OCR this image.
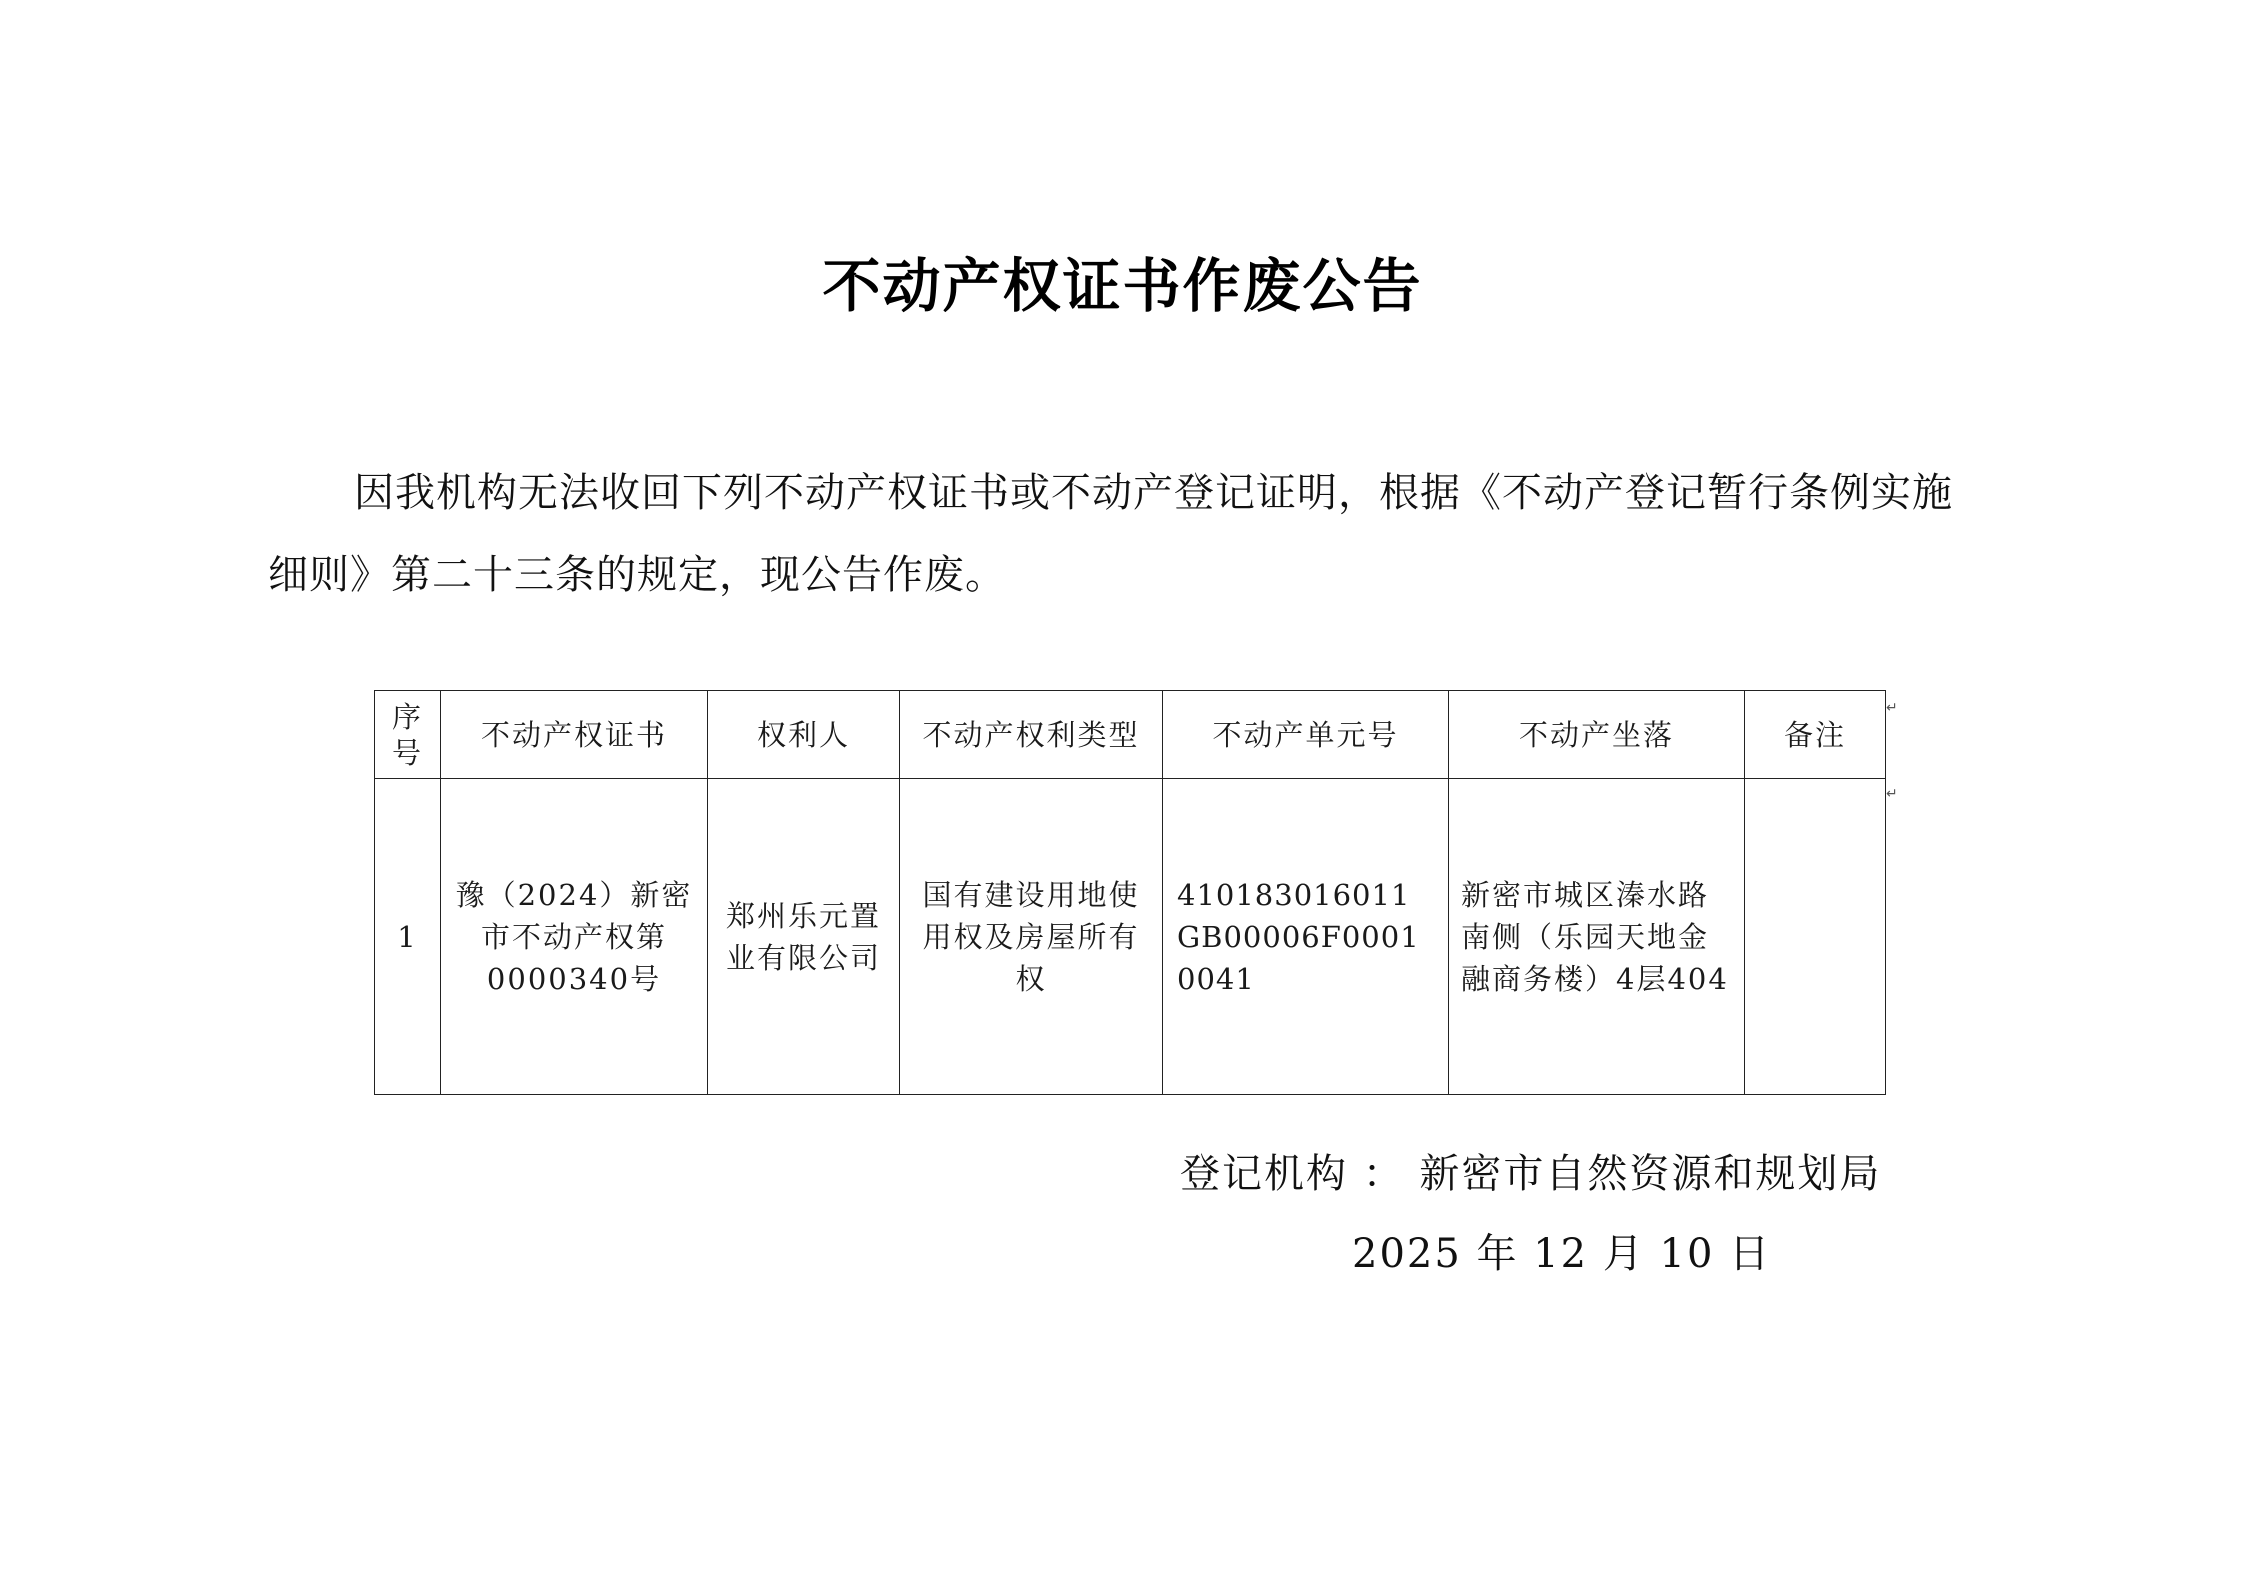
不动产权证书作废公告

因我机构无法收回下列不动产权证书或不动产登记证明，根据《不动产登记暂行条例实施细则》第二十三条的规定，现公告作废。

序号	不动产权证书	权利人	不动产权利类型	不动产单元号	不动产坐落	备注
1	豫（2024）新密市不动产权第0000340号	郑州乐元置业有限公司	国有建设用地使用权及房屋所有权	410183016011GB00006F00010041	新密市城区溱水路南侧（乐园天地金融商务楼）4层404	
↵
↵
登记机构 ： 新密市自然资源和规划局
2025 年 12 月 10 日
